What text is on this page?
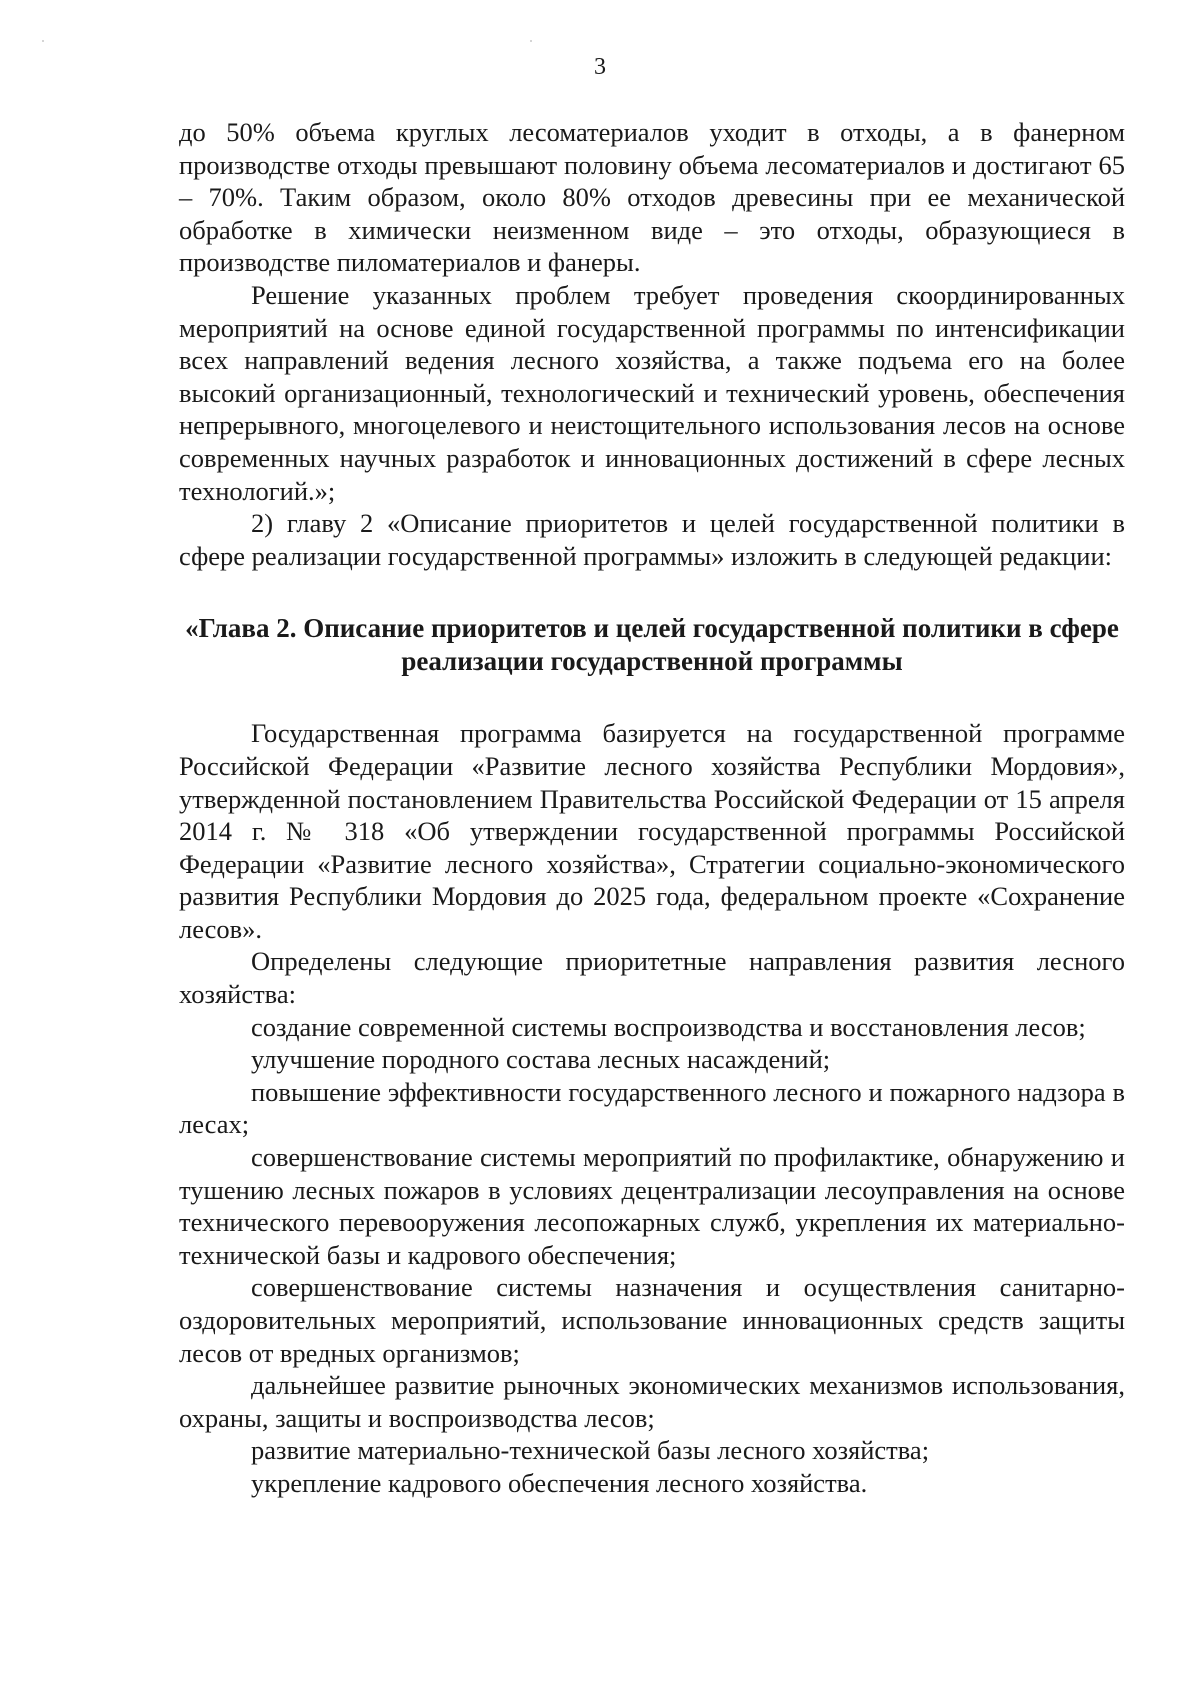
3

до 50% объема круглых лесоматериалов уходит в отходы, а в фанерном производстве отходы превышают половину объема лесоматериалов и достигают 65 – 70%. Таким образом, около 80% отходов древесины при ее механической обработке в химически неизменном виде – это отходы, образующиеся в производстве пиломатериалов и фанеры.

Решение указанных проблем требует проведения скоординированных мероприятий на основе единой государственной программы по интенсификации всех направлений ведения лесного хозяйства, а также подъема его на более высокий организационный, технологический и технический уровень, обеспечения непрерывного, многоцелевого и неистощительного использования лесов на основе современных научных разработок и инновационных достижений в сфере лесных технологий.»;

2) главу 2 «Описание приоритетов и целей государственной политики в сфере реализации государственной программы» изложить в следующей редакции:

«Глава 2. Описание приоритетов и целей государственной политики в сфере реализации государственной программы

Государственная программа базируется на государственной программе Российской Федерации «Развитие лесного хозяйства Республики Мордовия», утвержденной постановлением Правительства Российской Федерации от 15 апреля 2014 г. № 318 «Об утверждении государственной программы Российской Федерации «Развитие лесного хозяйства», Стратегии социально-экономического развития Республики Мордовия до 2025 года, федеральном проекте «Сохранение лесов».

Определены следующие приоритетные направления развития лесного хозяйства:

создание современной системы воспроизводства и восстановления лесов;

улучшение породного состава лесных насаждений;

повышение эффективности государственного лесного и пожарного надзора в лесах;

совершенствование системы мероприятий по профилактике, обнаружению и тушению лесных пожаров в условиях децентрализации лесоуправления на основе технического перевооружения лесопожарных служб, укрепления их материально-технической базы и кадрового обеспечения;

совершенствование системы назначения и осуществления санитарно-оздоровительных мероприятий, использование инновационных средств защиты лесов от вредных организмов;

дальнейшее развитие рыночных экономических механизмов использования, охраны, защиты и воспроизводства лесов;

развитие материально-технической базы лесного хозяйства;

укрепление кадрового обеспечения лесного хозяйства.
